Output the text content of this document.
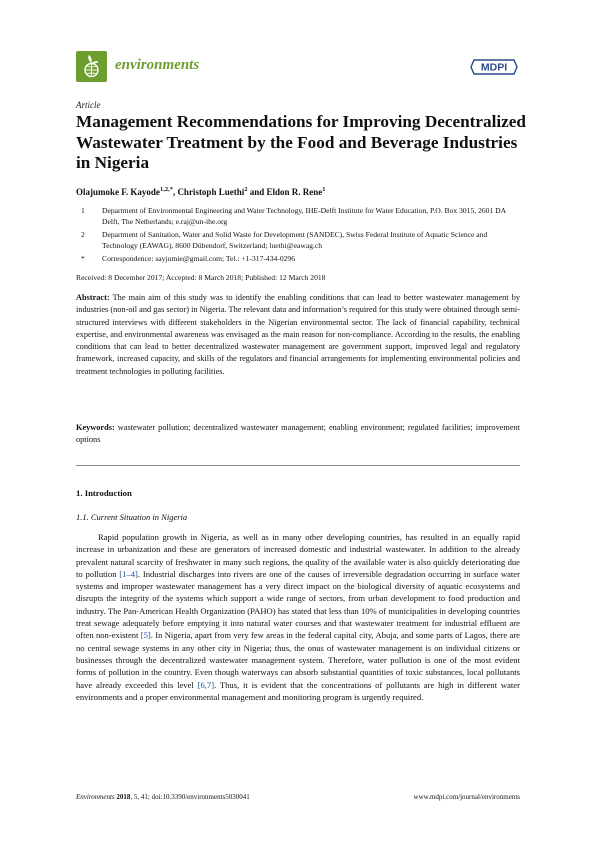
environments	MDPI
Article
Management Recommendations for Improving Decentralized Wastewater Treatment by the Food and Beverage Industries in Nigeria
Olajumoke F. Kayode$^{1,2,*}$, Christoph Luethi$^2$ and Eldon R. Rene$^1$
1	Department of Environmental Engineering and Water Technology, IHE-Delft Institute for Water Education, P.O. Box 3015, 2601 DA Delft, The Netherlands; e.raj@un-ihe.org
2	Department of Sanitation, Water and Solid Waste for Development (SANDEC), Swiss Federal Institute of Aquatic Science and Technology (EAWAG), 8600 Dübendorf, Switzerland; luethi@eawag.ch
*	Correspondence: sayjumie@gmail.com; Tel.: +1-317-434-0296
Received: 8 December 2017; Accepted: 8 March 2018; Published: 12 March 2018
Abstract: The main aim of this study was to identify the enabling conditions that can lead to better wastewater management by industries (non-oil and gas sector) in Nigeria. The relevant data and information’s required for this study were obtained through semi-structured interviews with different stakeholders in the Nigerian environmental sector. The lack of financial capability, technical expertise, and environmental awareness was envisaged as the main reason for non-compliance. According to the results, the enabling conditions that can lead to better decentralized wastewater management are government support, improved legal and regulatory framework, increased capacity, and skills of the regulators and financial arrangements for implementing environmental policies and treatment technologies in polluting facilities.
Keywords: wastewater pollution; decentralized wastewater management; enabling environment; regulated facilities; improvement options
1. Introduction
1.1. Current Situation in Nigeria
Rapid population growth in Nigeria, as well as in many other developing countries, has resulted in an equally rapid increase in urbanization and these are generators of increased domestic and industrial wastewater. In addition to the already prevalent natural scarcity of freshwater in many such regions, the quality of the available water is also quickly deteriorating due to pollution [1–4]. Industrial discharges into rivers are one of the causes of irreversible degradation occurring in surface water systems and improper wastewater management has a very direct impact on the biological diversity of aquatic ecosystems and disrupts the integrity of the systems which support a wide range of sectors, from urban development to food production and industry. The Pan-American Health Organization (PAHO) has stated that less than 10% of municipalities in developing countries treat sewage adequately before emptying it into natural water courses and that wastewater treatment for industrial effluent are often non-existent [5]. In Nigeria, apart from very few areas in the federal capital city, Abuja, and some parts of Lagos, there are no central sewage systems in any other city in Nigeria; thus, the onus of wastewater management is on individual citizens or businesses through the decentralized wastewater management system. Therefore, water pollution is one of the most evident forms of pollution in the country. Even though waterways can absorb substantial quantities of toxic substances, local pollutants have already exceeded this level [6,7]. Thus, it is evident that the concentrations of pollutants are high in different water environments and a proper environmental management and monitoring program is urgently required.
Environments 2018, 5, 41; doi:10.3390/environments5030041	www.mdpi.com/journal/environments
